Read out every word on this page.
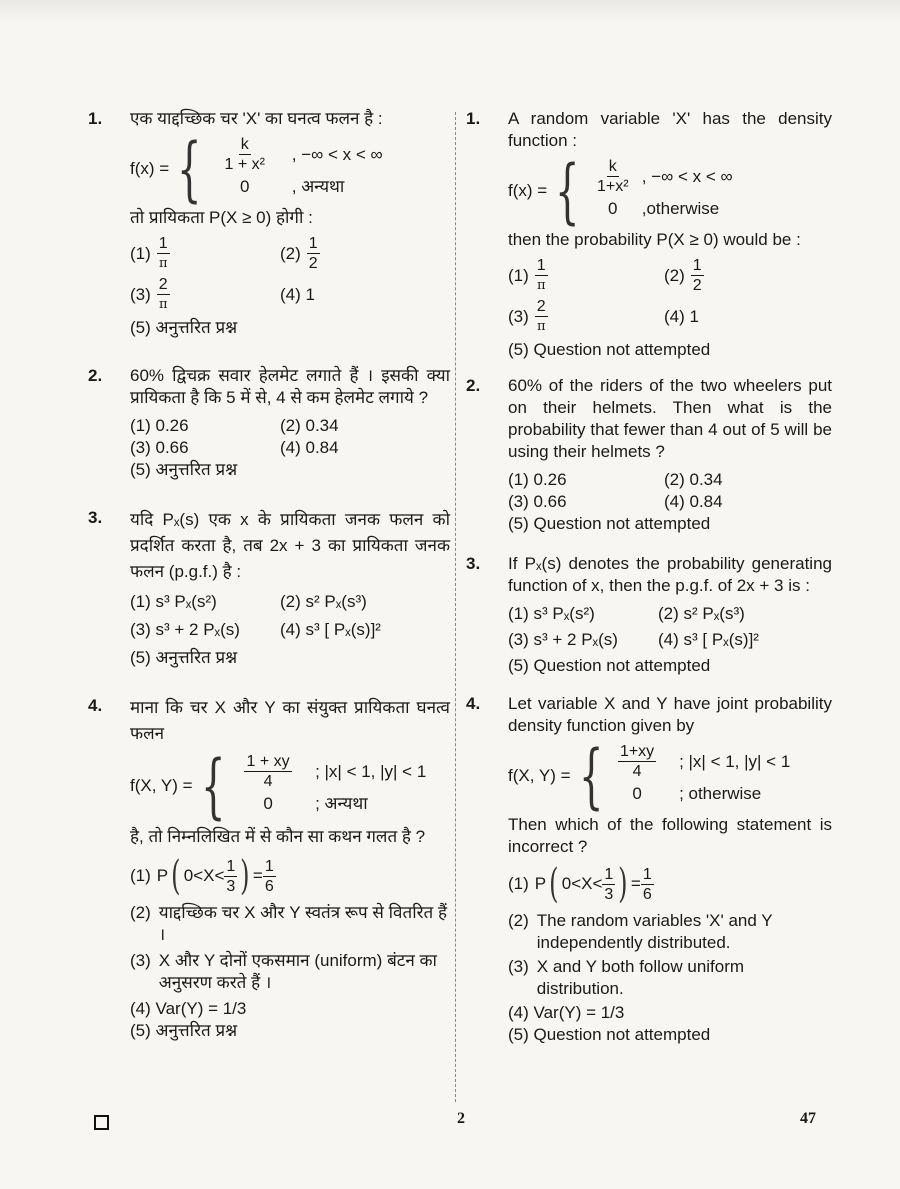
1. एक याद्दच्छिक चर 'X' का घनत्व फलन है :
f(x) = { $\frac{k}{\text{1 + x²}}$ , −∞ < x < ∞
0	, अन्यथा
तो प्रायिकता P(X ≥ 0) होगी :
$(1) \frac{1}{\pi}$	$(2) \frac{1}{2}$
$(3) \frac{2}{\pi}$	(4) 1
(5) अनुत्तरित प्रश्न
2. 60% द्विचक्र सवार हेलमेट लगाते हैं । इसकी क्या प्रायिकता है कि 5 में से, 4 से कम हेलमेट लगाये ?
(1) 0.26	(2) 0.34
(3) 0.66	(4) 0.84
(5) अनुत्तरित प्रश्न
3. यदि Pₓ(s) एक x के प्रायिकता जनक फलन को प्रदर्शित करता है, तब 2x + 3 का प्रायिकता जनक फलन (p.g.f.) है :
(1) s³ Pₓ(s²)	(2) s² Pₓ(s³)
(3) s³ + 2 Pₓ(s)	(4) s³ [ Pₓ(s)]²
(5) अनुत्तरित प्रश्न
4. माना कि चर X और Y का संयुक्त प्रायिकता घनत्व फलन
f(X, Y) = { $\frac{1 + xy}{4}$ ; |x| < 1, |y| < 1
0	; अन्यथा
है, तो निम्नलिखित में से कौन सा कथन गलत है ?
(1) P ( $0<X< \frac{1}{3}$ ) = $\frac{1}{6}$
(2) याद्दच्छिक चर X और Y स्वतंत्र रूप से वितरित हैं ।
(3) X और Y दोनों एकसमान (uniform) बंटन का अनुसरण करते हैं ।
(4) Var(Y) = 1/3
(5) अनुत्तरित प्रश्न
1. A random variable 'X' has the density function :
f(x) = { $\frac{k}{\text{1+x²}}$ , −∞ < x < ∞
0	,otherwise
then the probability P(X ≥ 0) would be :
$(1) \frac{1}{\pi}$	$(2) \frac{1}{2}$
$(3) \frac{2}{\pi}$	(4) 1
(5) Question not attempted
2. 60% of the riders of the two wheelers put on their helmets. Then what is the probability that fewer than 4 out of 5 will be using their helmets ?
(1) 0.26	(2) 0.34
(3) 0.66	(4) 0.84
(5) Question not attempted
3. If Pₓ(s) denotes the probability generating function of x, then the p.g.f. of 2x + 3 is :
(1) s³ Pₓ(s²)	(2) s² Pₓ(s³)
(3) s³ + 2 Pₓ(s)	(4) s³ [ Pₓ(s)]²
(5) Question not attempted
4. Let variable X and Y have joint probability density function given by
f(X, Y) = { $\frac{1+xy}{4}$ ; |x| < 1, |y| < 1
0	; otherwise
Then which of the following statement is incorrect ?
(1) P ( $0<X< \frac{1}{3}$ ) = $\frac{1}{6}$
(2) The random variables 'X' and Y independently distributed.
(3) X and Y both follow uniform distribution.
(4) Var(Y) = 1/3
(5) Question not attempted
2	47
